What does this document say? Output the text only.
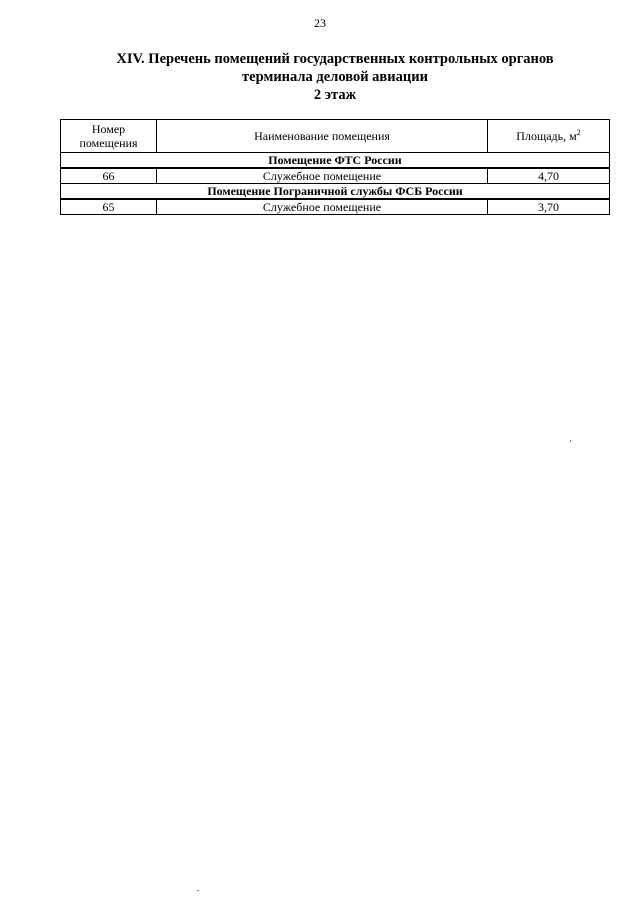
23
XIV. Перечень помещений государственных контрольных органов
терминала деловой авиации
2 этаж
Номер
помещения	Наименование помещения	Площадь, $м^2$
Помещение ФТС России		
66	Служебное помещение	4,70
Помещение Пограничной службы ФСБ России		
65	Служебное помещение	3,70
